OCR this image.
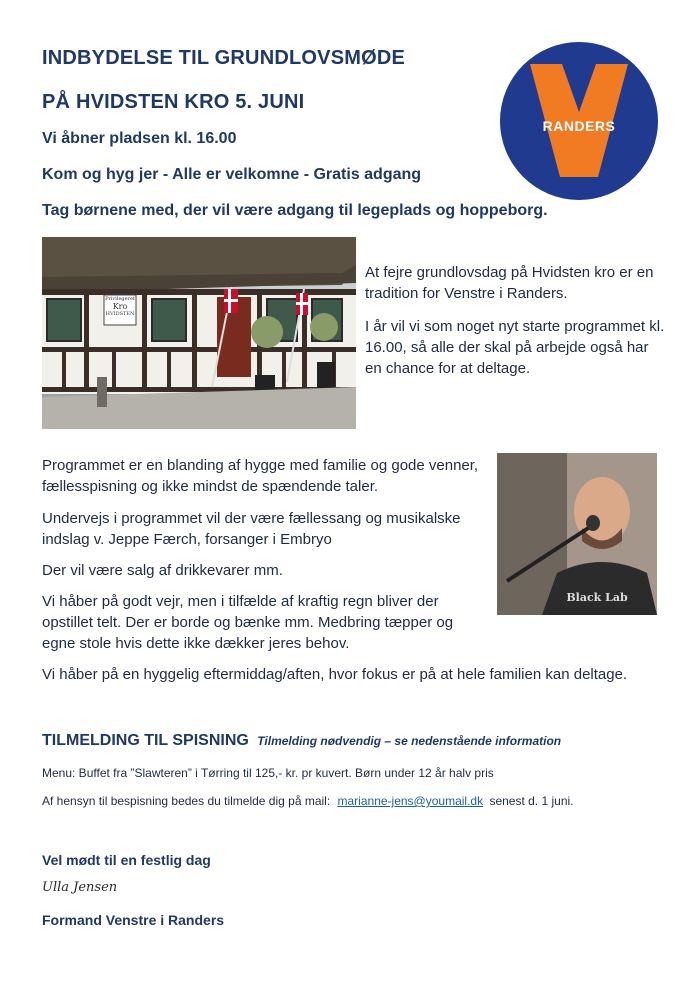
INDBYDELSE TIL GRUNDLOVSMØDE
PÅ HVIDSTEN KRO 5. JUNI
Vi åbner pladsen kl. 16.00
Kom og hyg jer - Alle er velkomne - Gratis adgang
Tag børnene med, der vil være adgang til legeplads og hoppeborg.
RANDERS
Privilegeret
Kro
HVIDSTEN
At fejre grundlovsdag på Hvidsten kro er en tradition for Venstre i Randers.
I år vil vi som noget nyt starte programmet kl. 16.00, så alle der skal på arbejde også har en chance for at deltage.
Black Lab
Programmet er en blanding af hygge med familie og gode venner, fællesspisning og ikke mindst de spændende taler.
Undervejs i programmet vil der være fællessang og musikalske indslag v. Jeppe Færch, forsanger i Embryo
Der vil være salg af drikkevarer mm.
Vi håber på godt vejr, men i tilfælde af kraftig regn bliver der opstillet telt. Der er borde og bænke mm. Medbring tæpper og egne stole hvis dette ikke dækker jeres behov.
Vi håber på en hyggelig eftermiddag/aften, hvor fokus er på at hele familien kan deltage.
TILMELDING TIL SPISNING Tilmelding nødvendig – se nedenstående information
Menu: Buffet fra ”Slawteren” i Tørring til 125,- kr. pr kuvert. Børn under 12 år halv pris
Af hensyn til bespisning bedes du tilmelde dig på mail: marianne-jens@youmail.dk senest d. 1 juni.
Vel mødt til en festlig dag
Ulla Jensen
Formand Venstre i Randers
